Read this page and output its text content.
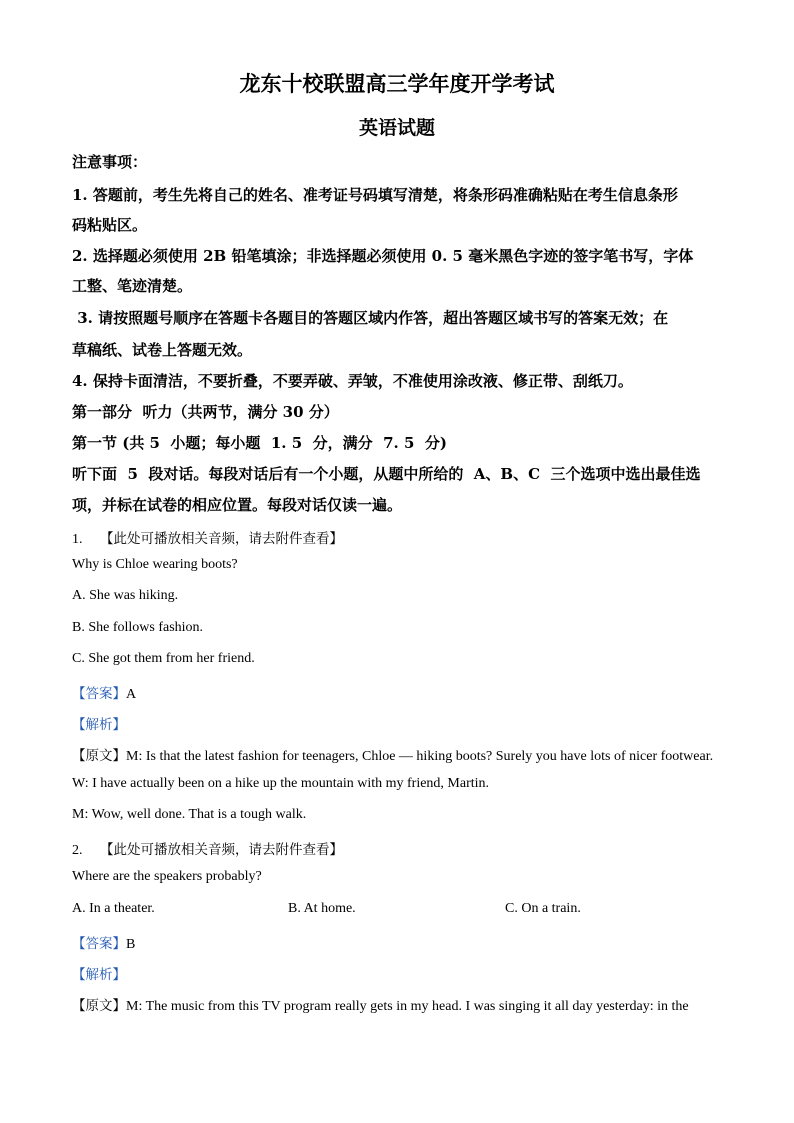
龙东十校联盟高三学年度开学考试
英语试题
注意事项：
1. 答题前，考生先将自己的姓名、准考证号码填写清楚，将条形码准确粘贴在考生信息条形
码粘贴区。
2. 选择题必须使用 2B 铅笔填涂；非选择题必须使用 0. 5 毫米黑色字迹的签字笔书写，字体
工整、笔迹清楚。
3. 请按照题号顺序在答题卡各题目的答题区域内作答，超出答题区域书写的答案无效；在
草稿纸、试卷上答题无效。
4. 保持卡面清洁，不要折叠，不要弄破、弄皱，不准使用涂改液、修正带、刮纸刀。
第一部分  听力（共两节，满分 30 分）
第一节 (共 5  小题；每小题  1. 5  分，满分  7. 5  分)
听下面  5  段对话。每段对话后有一个小题，从题中所给的  A、B、C  三个选项中选出最佳选
项，并标在试卷的相应位置。每段对话仅读一遍。
1. 【此处可播放相关音频，请去附件查看】
Why is Chloe wearing boots?
A. She was hiking.
B. She follows fashion.
C. She got them from her friend.
【答案】A
【解析】
【原文】M: Is that the latest fashion for teenagers, Chloe — hiking boots? Surely you have lots of nicer footwear.
W: I have actually been on a hike up the mountain with my friend, Martin.
M: Wow, well done. That is a tough walk.
2. 【此处可播放相关音频，请去附件查看】
Where are the speakers probably?
A. In a theater.	B. At home.	C. On a train.
【答案】B
【解析】
【原文】M: The music from this TV program really gets in my head. I was singing it all day yesterday: in the
